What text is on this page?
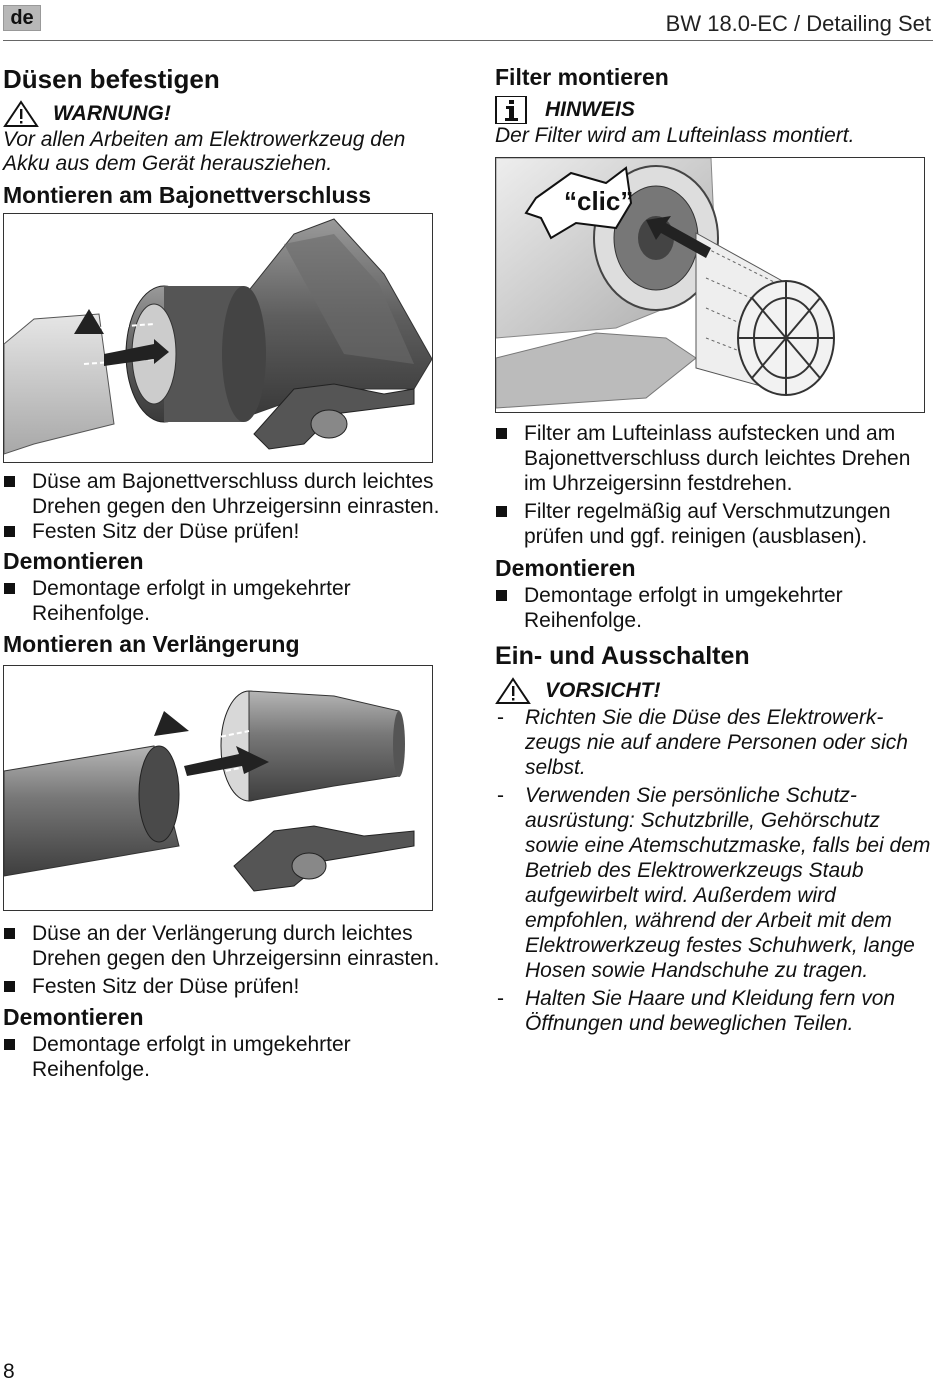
de	BW 18.0-EC / Detailing Set
Düsen befestigen
WARNUNG!
Vor allen Arbeiten am Elektrowerkzeug den Akku aus dem Gerät herausziehen.
Montieren am Bajonettverschluss
Düse am Bajonettverschluss durch leichtes Drehen gegen den Uhrzeigersinn einrasten.
Festen Sitz der Düse prüfen!
Demontieren
Demontage erfolgt in umgekehrter Reihenfolge.
Montieren an Verlängerung
Düse an der Verlängerung durch leichtes Drehen gegen den Uhrzeigersinn einrasten.
Festen Sitz der Düse prüfen!
Demontieren
Demontage erfolgt in umgekehrter Reihenfolge.
Filter montieren
HINWEIS
Der Filter wird am Lufteinlass montiert.
“clic”
Filter am Lufteinlass aufstecken und am Bajonettverschluss durch leichtes Drehen im Uhrzeigersinn festdrehen.
Filter regelmäßig auf Verschmutzungen prüfen und ggf. reinigen (ausblasen).
Demontieren
Demontage erfolgt in umgekehrter Reihenfolge.
Ein- und Ausschalten
VORSICHT!
- Richten Sie die Düse des Elektrowerk-zeugs nie auf andere Personen oder sich selbst.
- Verwenden Sie persönliche Schutz-ausrüstung: Schutzbrille, Gehörschutz sowie eine Atemschutzmaske, falls bei dem Betrieb des Elektrowerkzeugs Staub aufgewirbelt wird. Außerdem wird empfohlen, während der Arbeit mit dem Elektrowerkzeug festes Schuhwerk, lange Hosen sowie Handschuhe zu tragen.
- Halten Sie Haare und Kleidung fern von Öffnungen und beweglichen Teilen.
8
